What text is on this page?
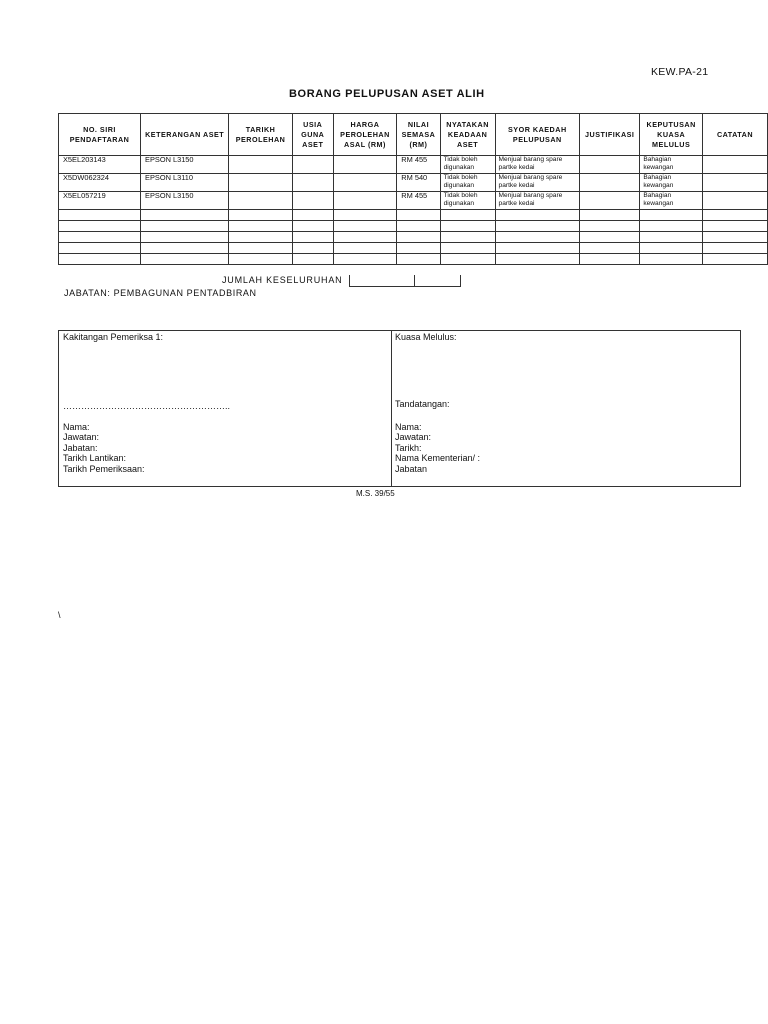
KEW.PA-21
BORANG PELUPUSAN ASET ALIH
NO. SIRI PENDAFTARAN	KETERANGAN ASET	TARIKH PEROLEHAN	USIA GUNA ASET	HARGA PEROLEHAN ASAL (RM)	NILAI SEMASA (RM)	NYATAKAN KEADAAN ASET	SYOR KAEDAH PELUPUSAN	JUSTIFIKASI	KEPUTUSAN KUASA MELULUS	CATATAN
X5EL203143	EPSON L3150				RM 455	Tidak boleh digunakan	Menjual barang spare partke kedai		Bahagian kewangan	
X5DW062324	EPSON L3110				RM 540	Tidak boleh digunakan	Menjual barang spare partke kedai		Bahagian kewangan	
X5EL057219	EPSON L3150				RM 455	Tidak boleh digunakan	Menjual barang spare partke kedai		Bahagian kewangan	

JUMLAH KESELURUHAN
JABATAN: PEMBAGUNAN PENTADBIRAN
Kakitangan Pemeriksa 1:
………………………………………………..
Nama:
Jawatan:
Jabatan:
Tarikh Lantikan:
Tarikh Pemeriksaan:
Kuasa Melulus:
Tandatangan:
Nama:
Jawatan:
Tarikh:
Nama Kementerian/ :
Jabatan
M.S. 39/55
\
